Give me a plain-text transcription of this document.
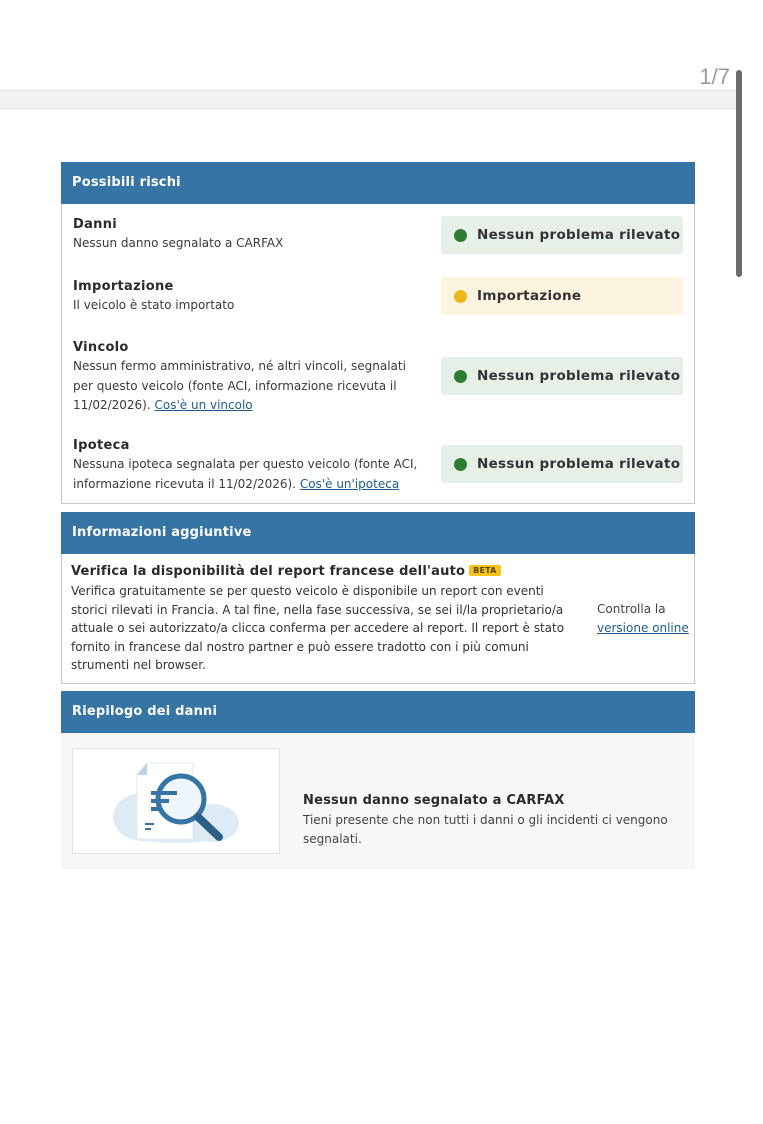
1/7
Possibili rischi
Danni
Nessun danno segnalato a CARFAX	Nessun problema rilevato
Importazione
Il veicolo è stato importato
Importazione
Vincolo
Nessun fermo amministrativo, né altri vincoli, segnalati per questo veicolo (fonte ACI, informazione ricevuta il 11/02/2026). Cos'è un vincolo
Nessun problema rilevato
Ipoteca
Nessuna ipoteca segnalata per questo veicolo (fonte ACI, informazione ricevuta il 11/02/2026). Cos'è un'ipoteca
Nessun problema rilevato
Informazioni aggiuntive
Verifica la disponibilità del report francese dell'auto BETA
Verifica gratuitamente se per questo veicolo è disponibile un report con eventi storici rilevati in Francia. A tal fine, nella fase successiva, se sei il/la proprietario/a attuale o sei autorizzato/a clicca conferma per accedere al report. Il report è stato fornito in francese dal nostro partner e può essere tradotto con i più comuni strumenti nel browser.
Controlla la
versione online
Riepilogo dei danni
Nessun danno segnalato a CARFAX
Tieni presente che non tutti i danni o gli incidenti ci vengono segnalati.
